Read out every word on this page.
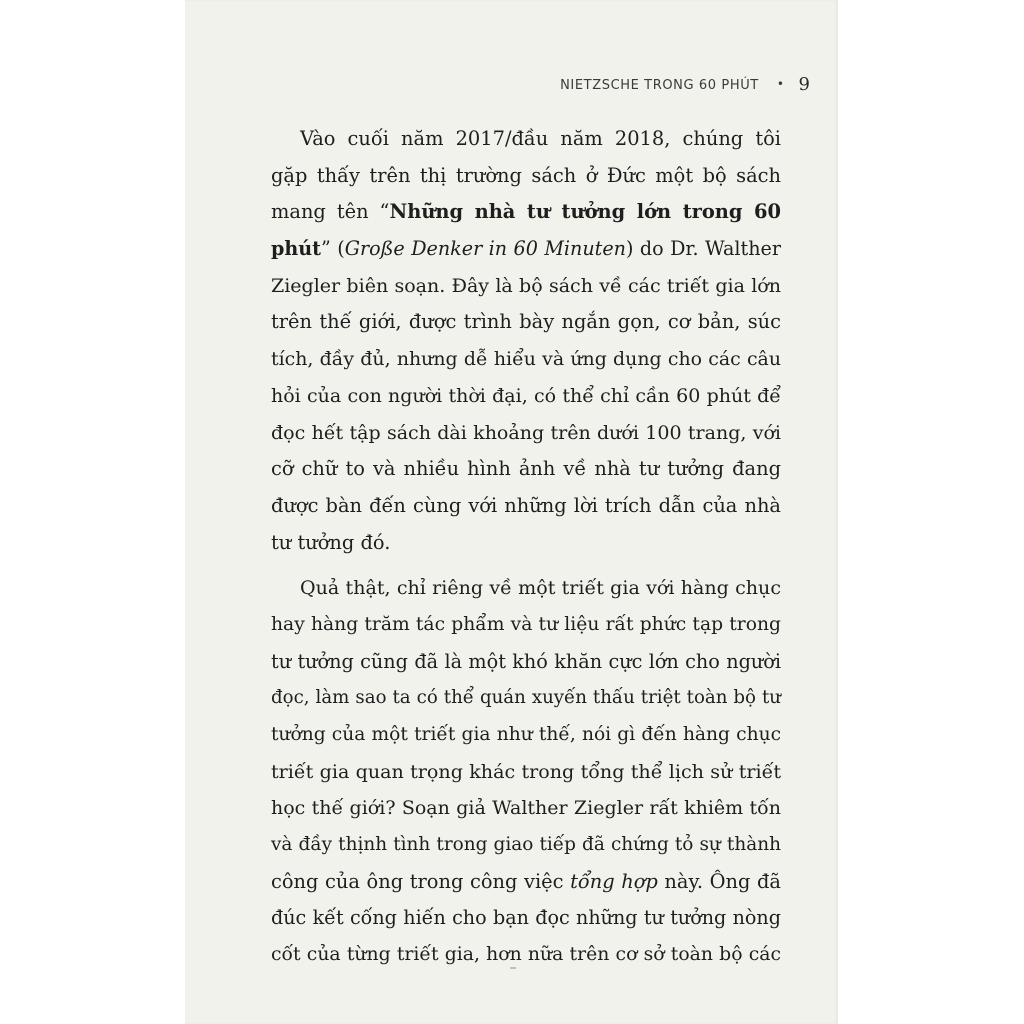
NIETZSCHE TRONG 60 PHÚT • 9
Vào cuối năm 2017/đầu năm 2018, chúng tôi
gặp thấy trên thị trường sách ở Đức một bộ sách
mang tên “Những nhà tư tưởng lớn trong 60
phút” (Große Denker in 60 Minuten) do Dr. Walther
Ziegler biên soạn. Đây là bộ sách về các triết gia lớn
trên thế giới, được trình bày ngắn gọn, cơ bản, súc
tích, đầy đủ, nhưng dễ hiểu và ứng dụng cho các câu
hỏi của con người thời đại, có thể chỉ cần 60 phút để
đọc hết tập sách dài khoảng trên dưới 100 trang, với
cỡ chữ to và nhiều hình ảnh về nhà tư tưởng đang
được bàn đến cùng với những lời trích dẫn của nhà
tư tưởng đó.
Quả thật, chỉ riêng về một triết gia với hàng chục
hay hàng trăm tác phẩm và tư liệu rất phức tạp trong
tư tưởng cũng đã là một khó khăn cực lớn cho người
đọc, làm sao ta có thể quán xuyến thấu triệt toàn bộ tư
tưởng của một triết gia như thế, nói gì đến hàng chục
triết gia quan trọng khác trong tổng thể lịch sử triết
học thế giới? Soạn giả Walther Ziegler rất khiêm tốn
và đầy thịnh tình trong giao tiếp đã chứng tỏ sự thành
công của ông trong công việc tổng hợp này. Ông đã
đúc kết cống hiến cho bạn đọc những tư tưởng nòng
cốt của từng triết gia, hơn nữa trên cơ sở toàn bộ các
